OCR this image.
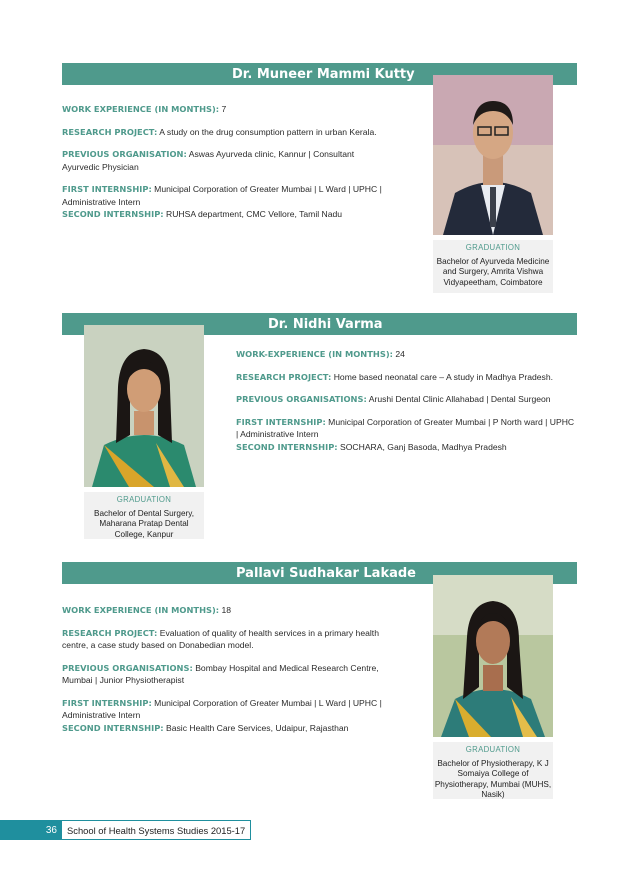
Dr. Muneer Mammi Kutty

WORK EXPERIENCE (IN MONTHS): 7

RESEARCH PROJECT: A study on the drug consumption pattern in urban Kerala.

PREVIOUS ORGANISATION: Aswas Ayurveda clinic, Kannur | Consultant Ayurvedic Physician

FIRST INTERNSHIP: Municipal Corporation of Greater Mumbai | L Ward | UPHC | Administrative Intern

SECOND INTERNSHIP: RUHSA department, CMC Vellore, Tamil Nadu

GRADUATION
Bachelor of Ayurveda Medicine and Surgery, Amrita Vishwa Vidyapeetham, Coimbatore
Dr. Nidhi Varma
GRADUATION
Bachelor of Dental Surgery, Maharana Pratap Dental College, Kanpur

WORK-EXPERIENCE (IN MONTHS): 24

RESEARCH PROJECT: Home based neonatal care – A study in Madhya Pradesh.

PREVIOUS ORGANISATIONS: Arushi Dental Clinic Allahabad | Dental Surgeon

FIRST INTERNSHIP: Municipal Corporation of Greater Mumbai | P North ward | UPHC | Administrative Intern

SECOND INTERNSHIP: SOCHARA, Ganj Basoda, Madhya Pradesh

Pallavi Sudhakar Lakade

WORK EXPERIENCE (IN MONTHS): 18

RESEARCH PROJECT: Evaluation of quality of health services in a primary health centre, a case study based on Donabedian model.

PREVIOUS ORGANISATIONS: Bombay Hospital and Medical Research Centre, Mumbai | Junior Physiotherapist

FIRST INTERNSHIP: Municipal Corporation of Greater Mumbai | L Ward | UPHC | Administrative Intern

SECOND INTERNSHIP: Basic Health Care Services, Udaipur, Rajasthan

GRADUATION
Bachelor of Physiotherapy, K J Somaiya College of Physiotherapy, Mumbai (MUHS, Nasik)
36	School of Health Systems Studies 2015-17
